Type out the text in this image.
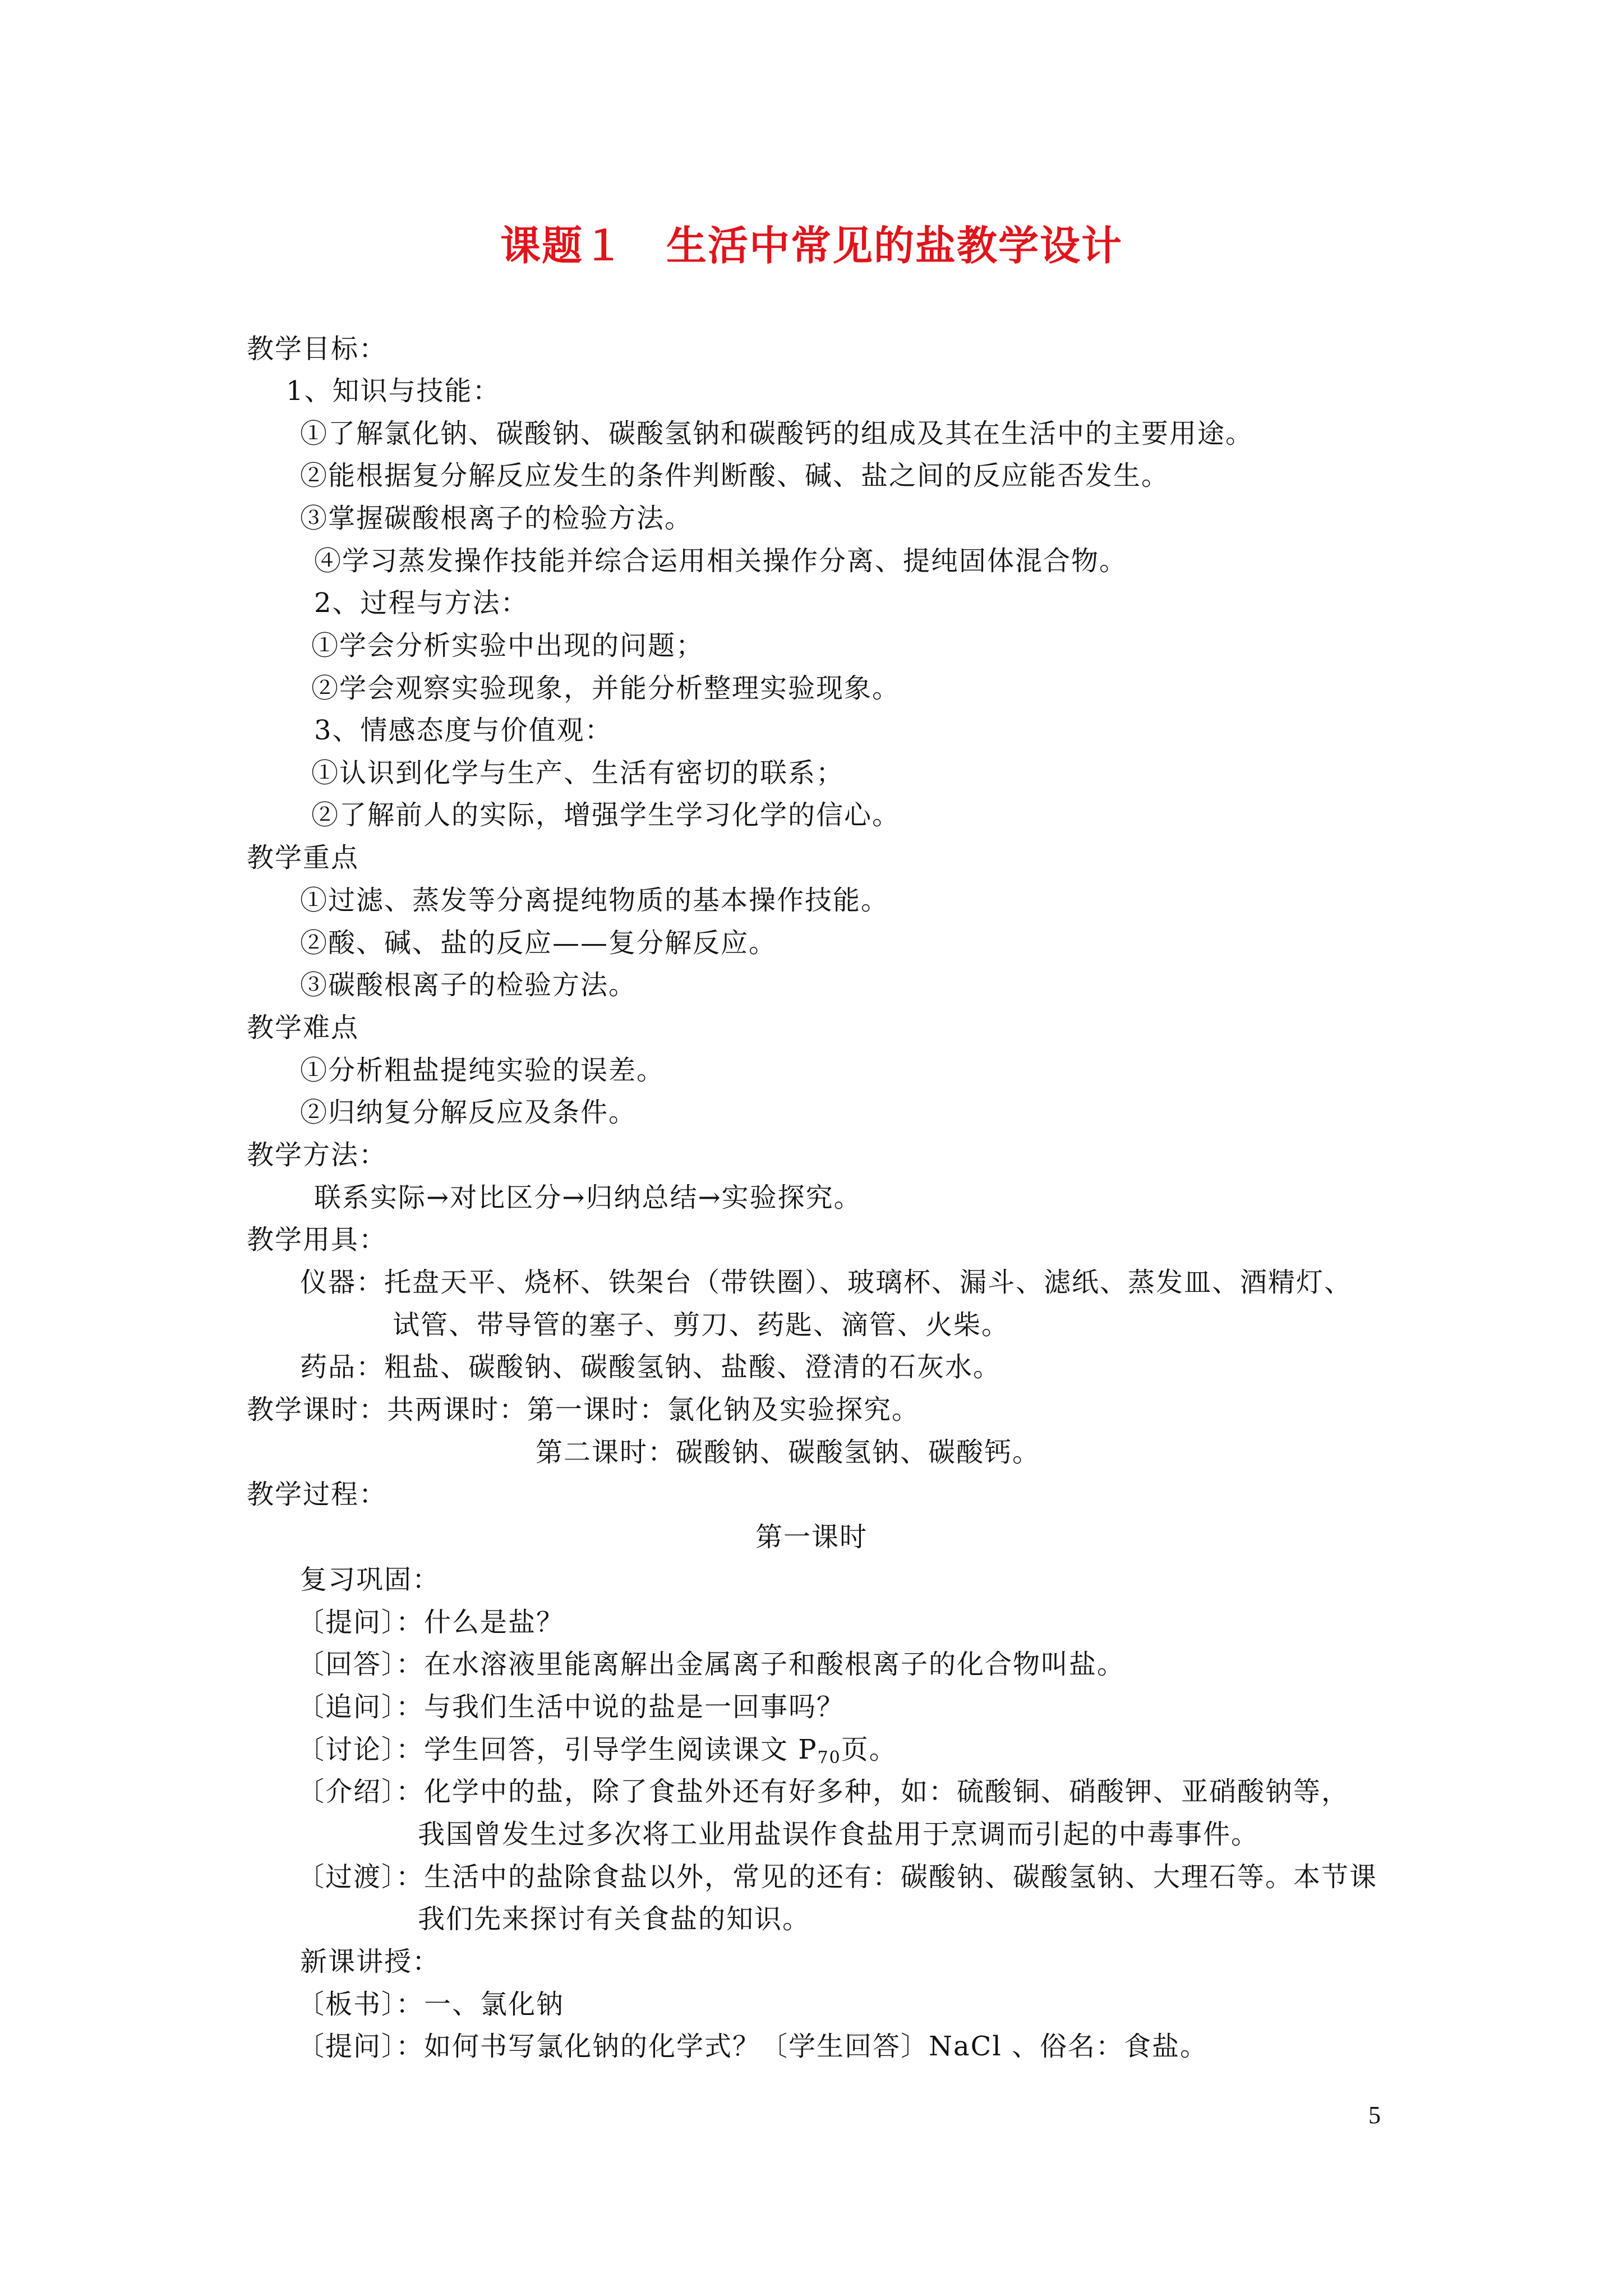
课题１　生活中常见的盐教学设计
教学目标：
1、知识与技能：
①了解氯化钠、碳酸钠、碳酸氢钠和碳酸钙的组成及其在生活中的主要用途。
②能根据复分解反应发生的条件判断酸、碱、盐之间的反应能否发生。
③掌握碳酸根离子的检验方法。
④学习蒸发操作技能并综合运用相关操作分离、提纯固体混合物。
2、过程与方法：
①学会分析实验中出现的问题；
②学会观察实验现象，并能分析整理实验现象。
3、情感态度与价值观：
①认识到化学与生产、生活有密切的联系；
②了解前人的实际，增强学生学习化学的信心。
教学重点
①过滤、蒸发等分离提纯物质的基本操作技能。
②酸、碱、盐的反应——复分解反应。
③碳酸根离子的检验方法。
教学难点
①分析粗盐提纯实验的误差。
②归纳复分解反应及条件。
教学方法：
联系实际→对比区分→归纳总结→实验探究。
教学用具：
仪器：托盘天平、烧杯、铁架台（带铁圈）、玻璃杯、漏斗、滤纸、蒸发皿、酒精灯、
试管、带导管的塞子、剪刀、药匙、滴管、火柴。
药品：粗盐、碳酸钠、碳酸氢钠、盐酸、澄清的石灰水。
教学课时：共两课时：第一课时：氯化钠及实验探究。
第二课时：碳酸钠、碳酸氢钠、碳酸钙。
教学过程：
复习巩固：
〔提问〕：什么是盐？
〔回答〕：在水溶液里能离解出金属离子和酸根离子的化合物叫盐。
〔追问〕：与我们生活中说的盐是一回事吗？
〔介绍〕：化学中的盐，除了食盐外还有好多种，如：硫酸铜、硝酸钾、亚硝酸钠等，
我国曾发生过多次将工业用盐误作食盐用于烹调而引起的中毒事件。
〔过渡〕：生活中的盐除食盐以外，常见的还有：碳酸钠、碳酸氢钠、大理石等。本节课
我们先来探讨有关食盐的知识。
新课讲授：
〔板书〕：一、氯化钠
〔提问〕：如何书写氯化钠的化学式？〔学生回答〕NaCl 、俗名：食盐。
第一课时
〔讨论〕：学生回答，引导学生阅读课文 $P_{70}$页。
5
